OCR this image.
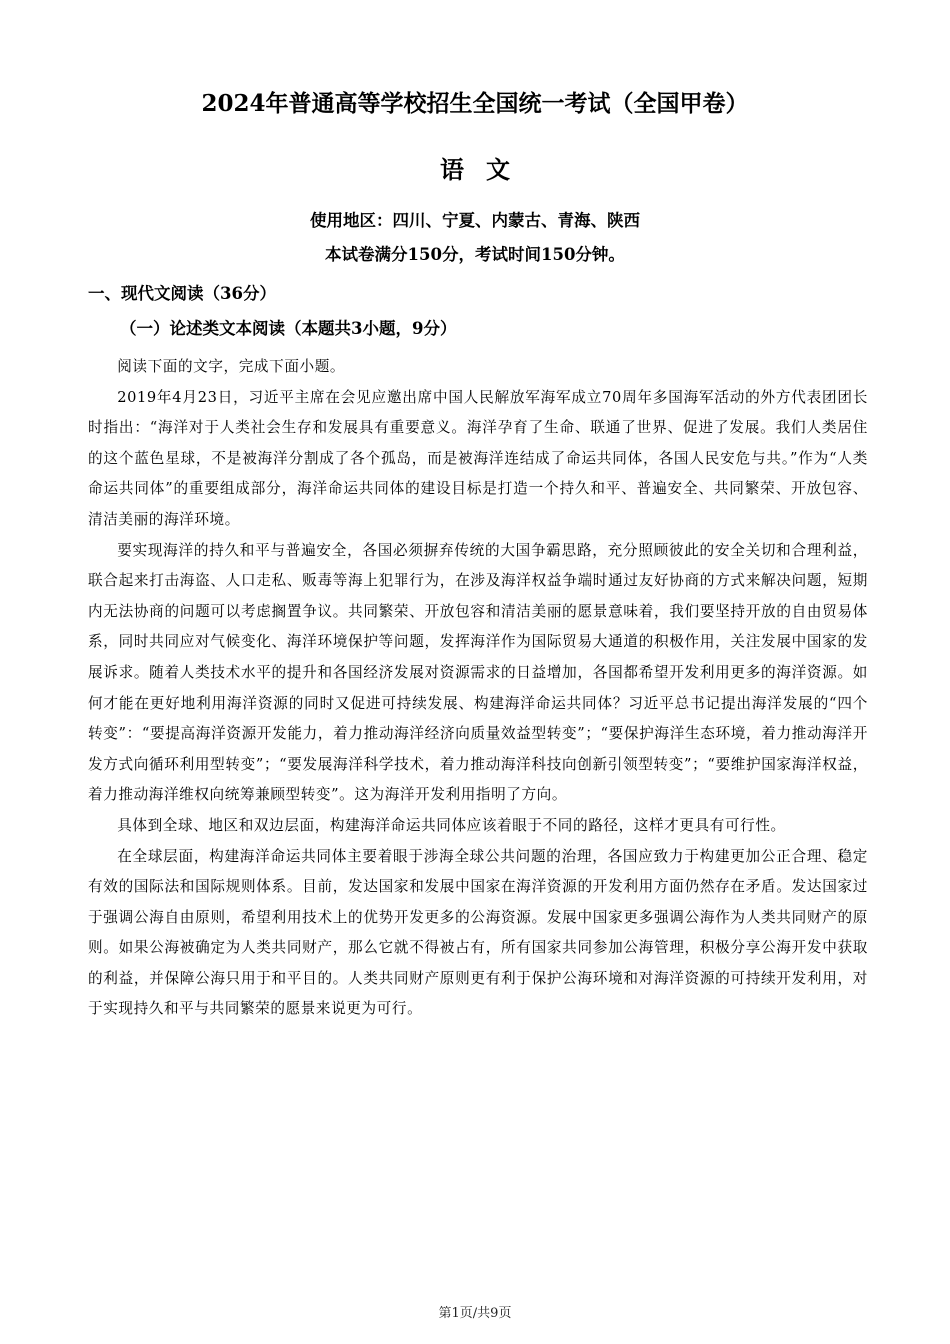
2024年普通高等学校招生全国统一考试（全国甲卷）
语文
使用地区：四川、宁夏、内蒙古、青海、陕西
本试卷满分150分，考试时间150分钟。
一、现代文阅读（36分）
（一）论述类文本阅读（本题共3小题，9分）

阅读下面的文字，完成下面小题。

2019年4月23日，习近平主席在会见应邀出席中国人民解放军海军成立70周年多国海军活动的外方代表团团长时指出：“海洋对于人类社会生存和发展具有重要意义。海洋孕育了生命、联通了世界、促进了发展。我们人类居住的这个蓝色星球，不是被海洋分割成了各个孤岛，而是被海洋连结成了命运共同体，各国人民安危与共。”作为“人类命运共同体”的重要组成部分，海洋命运共同体的建设目标是打造一个持久和平、普遍安全、共同繁荣、开放包容、清洁美丽的海洋环境。

要实现海洋的持久和平与普遍安全，各国必须摒弃传统的大国争霸思路，充分照顾彼此的安全关切和合理利益，联合起来打击海盗、人口走私、贩毒等海上犯罪行为，在涉及海洋权益争端时通过友好协商的方式来解决问题，短期内无法协商的问题可以考虑搁置争议。共同繁荣、开放包容和清洁美丽的愿景意味着，我们要坚持开放的自由贸易体系，同时共同应对气候变化、海洋环境保护等问题，发挥海洋作为国际贸易大通道的积极作用，关注发展中国家的发展诉求。随着人类技术水平的提升和各国经济发展对资源需求的日益增加，各国都希望开发利用更多的海洋资源。如何才能在更好地利用海洋资源的同时又促进可持续发展、构建海洋命运共同体？习近平总书记提出海洋发展的“四个转变”：“要提高海洋资源开发能力，着力推动海洋经济向质量效益型转变”；“要保护海洋生态环境，着力推动海洋开发方式向循环利用型转变”；“要发展海洋科学技术，着力推动海洋科技向创新引领型转变”；“要维护国家海洋权益，着力推动海洋维权向统筹兼顾型转变”。这为海洋开发利用指明了方向。

具体到全球、地区和双边层面，构建海洋命运共同体应该着眼于不同的路径，这样才更具有可行性。

在全球层面，构建海洋命运共同体主要着眼于涉海全球公共问题的治理，各国应致力于构建更加公正合理、稳定有效的国际法和国际规则体系。目前，发达国家和发展中国家在海洋资源的开发利用方面仍然存在矛盾。发达国家过于强调公海自由原则，希望利用技术上的优势开发更多的公海资源。发展中国家更多强调公海作为人类共同财产的原则。如果公海被确定为人类共同财产，那么它就不得被占有，所有国家共同参加公海管理，积极分享公海开发中获取的利益，并保障公海只用于和平目的。人类共同财产原则更有利于保护公海环境和对海洋资源的可持续开发利用，对于实现持久和平与共同繁荣的愿景来说更为可行。

第1页/共9页
